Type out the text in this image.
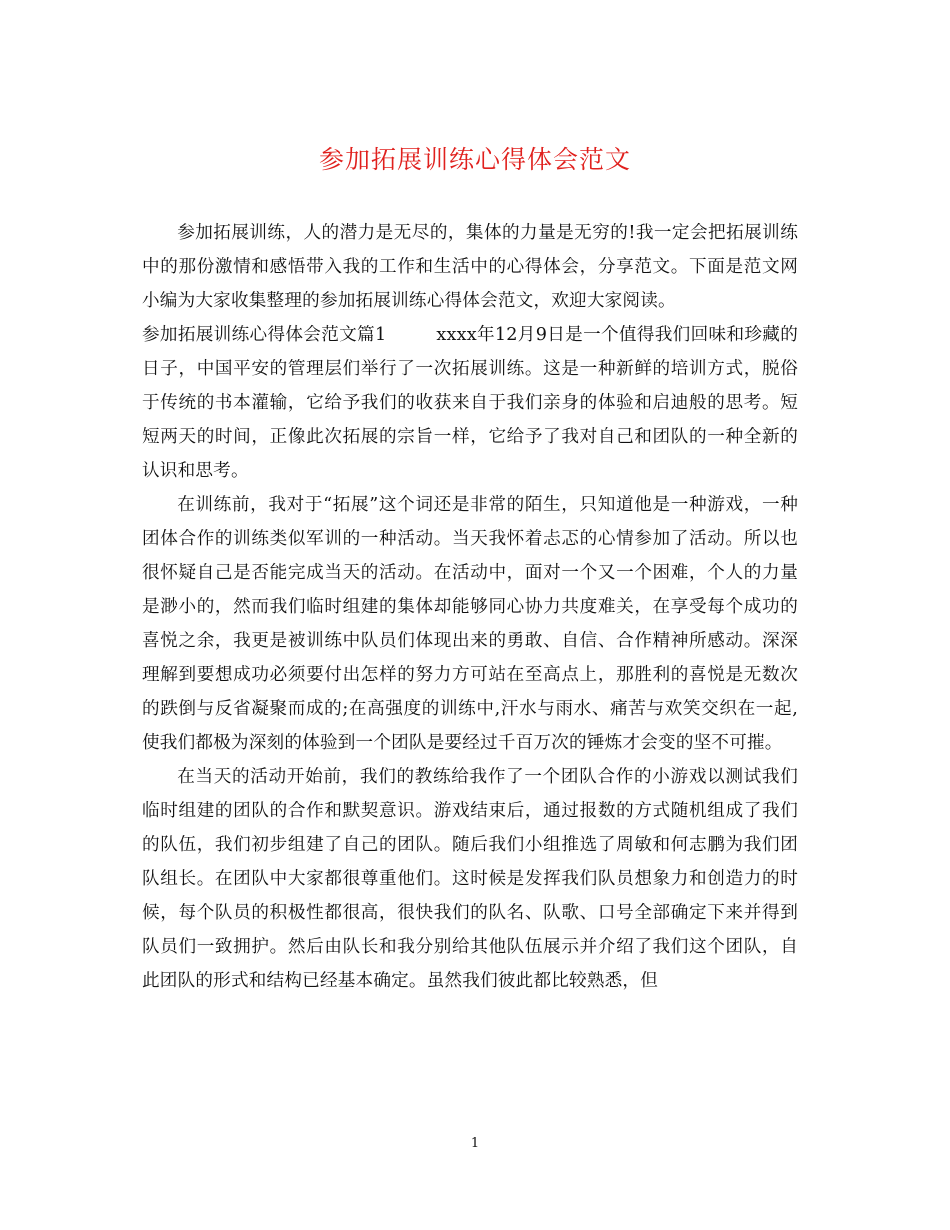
参加拓展训练心得体会范文

参加拓展训练，人的潜力是无尽的，集体的力量是无穷的!我一定会把拓展训练中的那份激情和感悟带入我的工作和生活中的心得体会，分享范文。下面是范文网小编为大家收集整理的参加拓展训练心得体会范文，欢迎大家阅读。

参加拓展训练心得体会范文篇1	xxxx年12月9日是一个值得我们回味和珍藏的日子，中国平安的管理层们举行了一次拓展训练。这是一种新鲜的培训方式，脱俗于传统的书本灌输，它给予我们的收获来自于我们亲身的体验和启迪般的思考。短短两天的时间，正像此次拓展的宗旨一样，它给予了我对自己和团队的一种全新的认识和思考。

在训练前，我对于“拓展”这个词还是非常的陌生，只知道他是一种游戏，一种团体合作的训练类似军训的一种活动。当天我怀着忐忑的心情参加了活动。所以也很怀疑自己是否能完成当天的活动。在活动中，面对一个又一个困难，个人的力量是渺小的，然而我们临时组建的集体却能够同心协力共度难关，在享受每个成功的喜悦之余，我更是被训练中队员们体现出来的勇敢、自信、合作精神所感动。深深理解到要想成功必须要付出怎样的努力方可站在至高点上，那胜利的喜悦是无数次的跌倒与反省凝聚而成的;在高强度的训练中,汗水与雨水、痛苦与欢笑交织在一起,使我们都极为深刻的体验到一个团队是要经过千百万次的锤炼才会变的坚不可摧。

在当天的活动开始前，我们的教练给我作了一个团队合作的小游戏以测试我们临时组建的团队的合作和默契意识。游戏结束后，通过报数的方式随机组成了我们的队伍，我们初步组建了自己的团队。随后我们小组推选了周敏和何志鹏为我们团队组长。在团队中大家都很尊重他们。这时候是发挥我们队员想象力和创造力的时候，每个队员的积极性都很高，很快我们的队名、队歌、口号全部确定下来并得到队员们一致拥护。然后由队长和我分别给其他队伍展示并介绍了我们这个团队，自此团队的形式和结构已经基本确定。虽然我们彼此都比较熟悉，但

1
